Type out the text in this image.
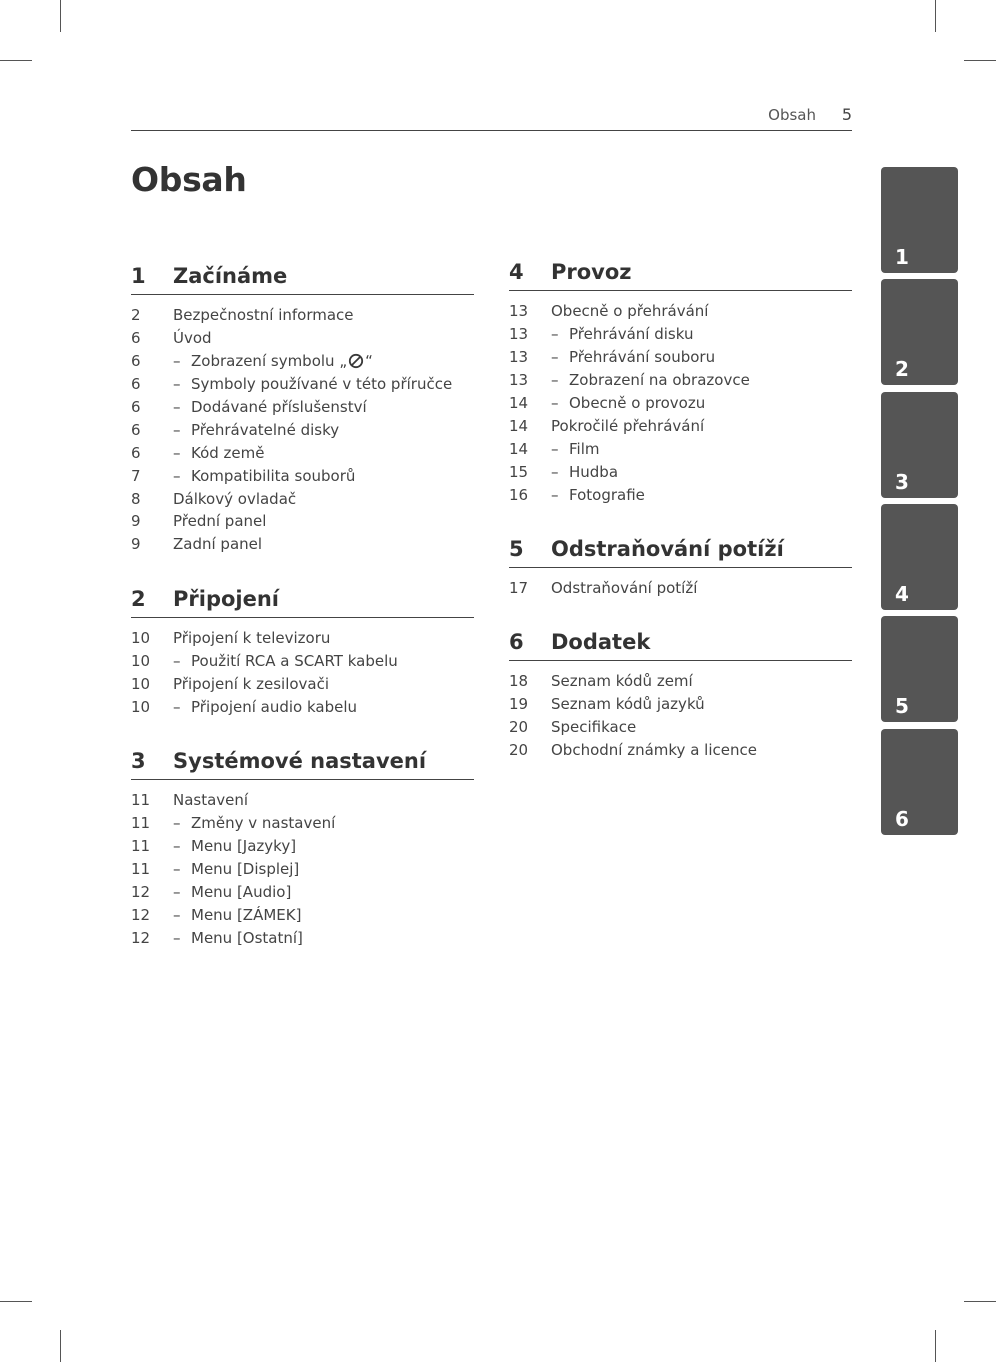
Obsah 5
Obsah
1	Začínáme
2	Bezpečnostní informace
6	Úvod
6	– Zobrazení symbolu „ “
6	– Symboly používané v této příručce
6	– Dodávané příslušenství
6	– Přehrávatelné disky
6	– Kód země
7	– Kompatibilita souborů
8	Dálkový ovladač
9	Přední panel
9	Zadní panel
2	Připojení
10	Připojení k televizoru
10	– Použití RCA a SCART kabelu
10	Připojení k zesilovači
10	– Připojení audio kabelu
3	Systémové nastavení
11	Nastavení
11	– Změny v nastavení
11	– Menu [Jazyky]
11	– Menu [Displej]
12	– Menu [Audio]
12	– Menu [ZÁMEK]
12	– Menu [Ostatní]
4	Provoz
13	Obecně o přehrávání
13	– Přehrávání disku
13	– Přehrávání souboru
13	– Zobrazení na obrazovce
14	– Obecně o provozu
14	Pokročilé přehrávání
14	– Film
15	– Hudba
16	– Fotografie
5	Odstraňování potíží
17	Odstraňování potíží
6	Dodatek
18	Seznam kódů zemí
19	Seznam kódů jazyků
20	Specifikace
20	Obchodní známky a licence
1
2
3
4
5
6
